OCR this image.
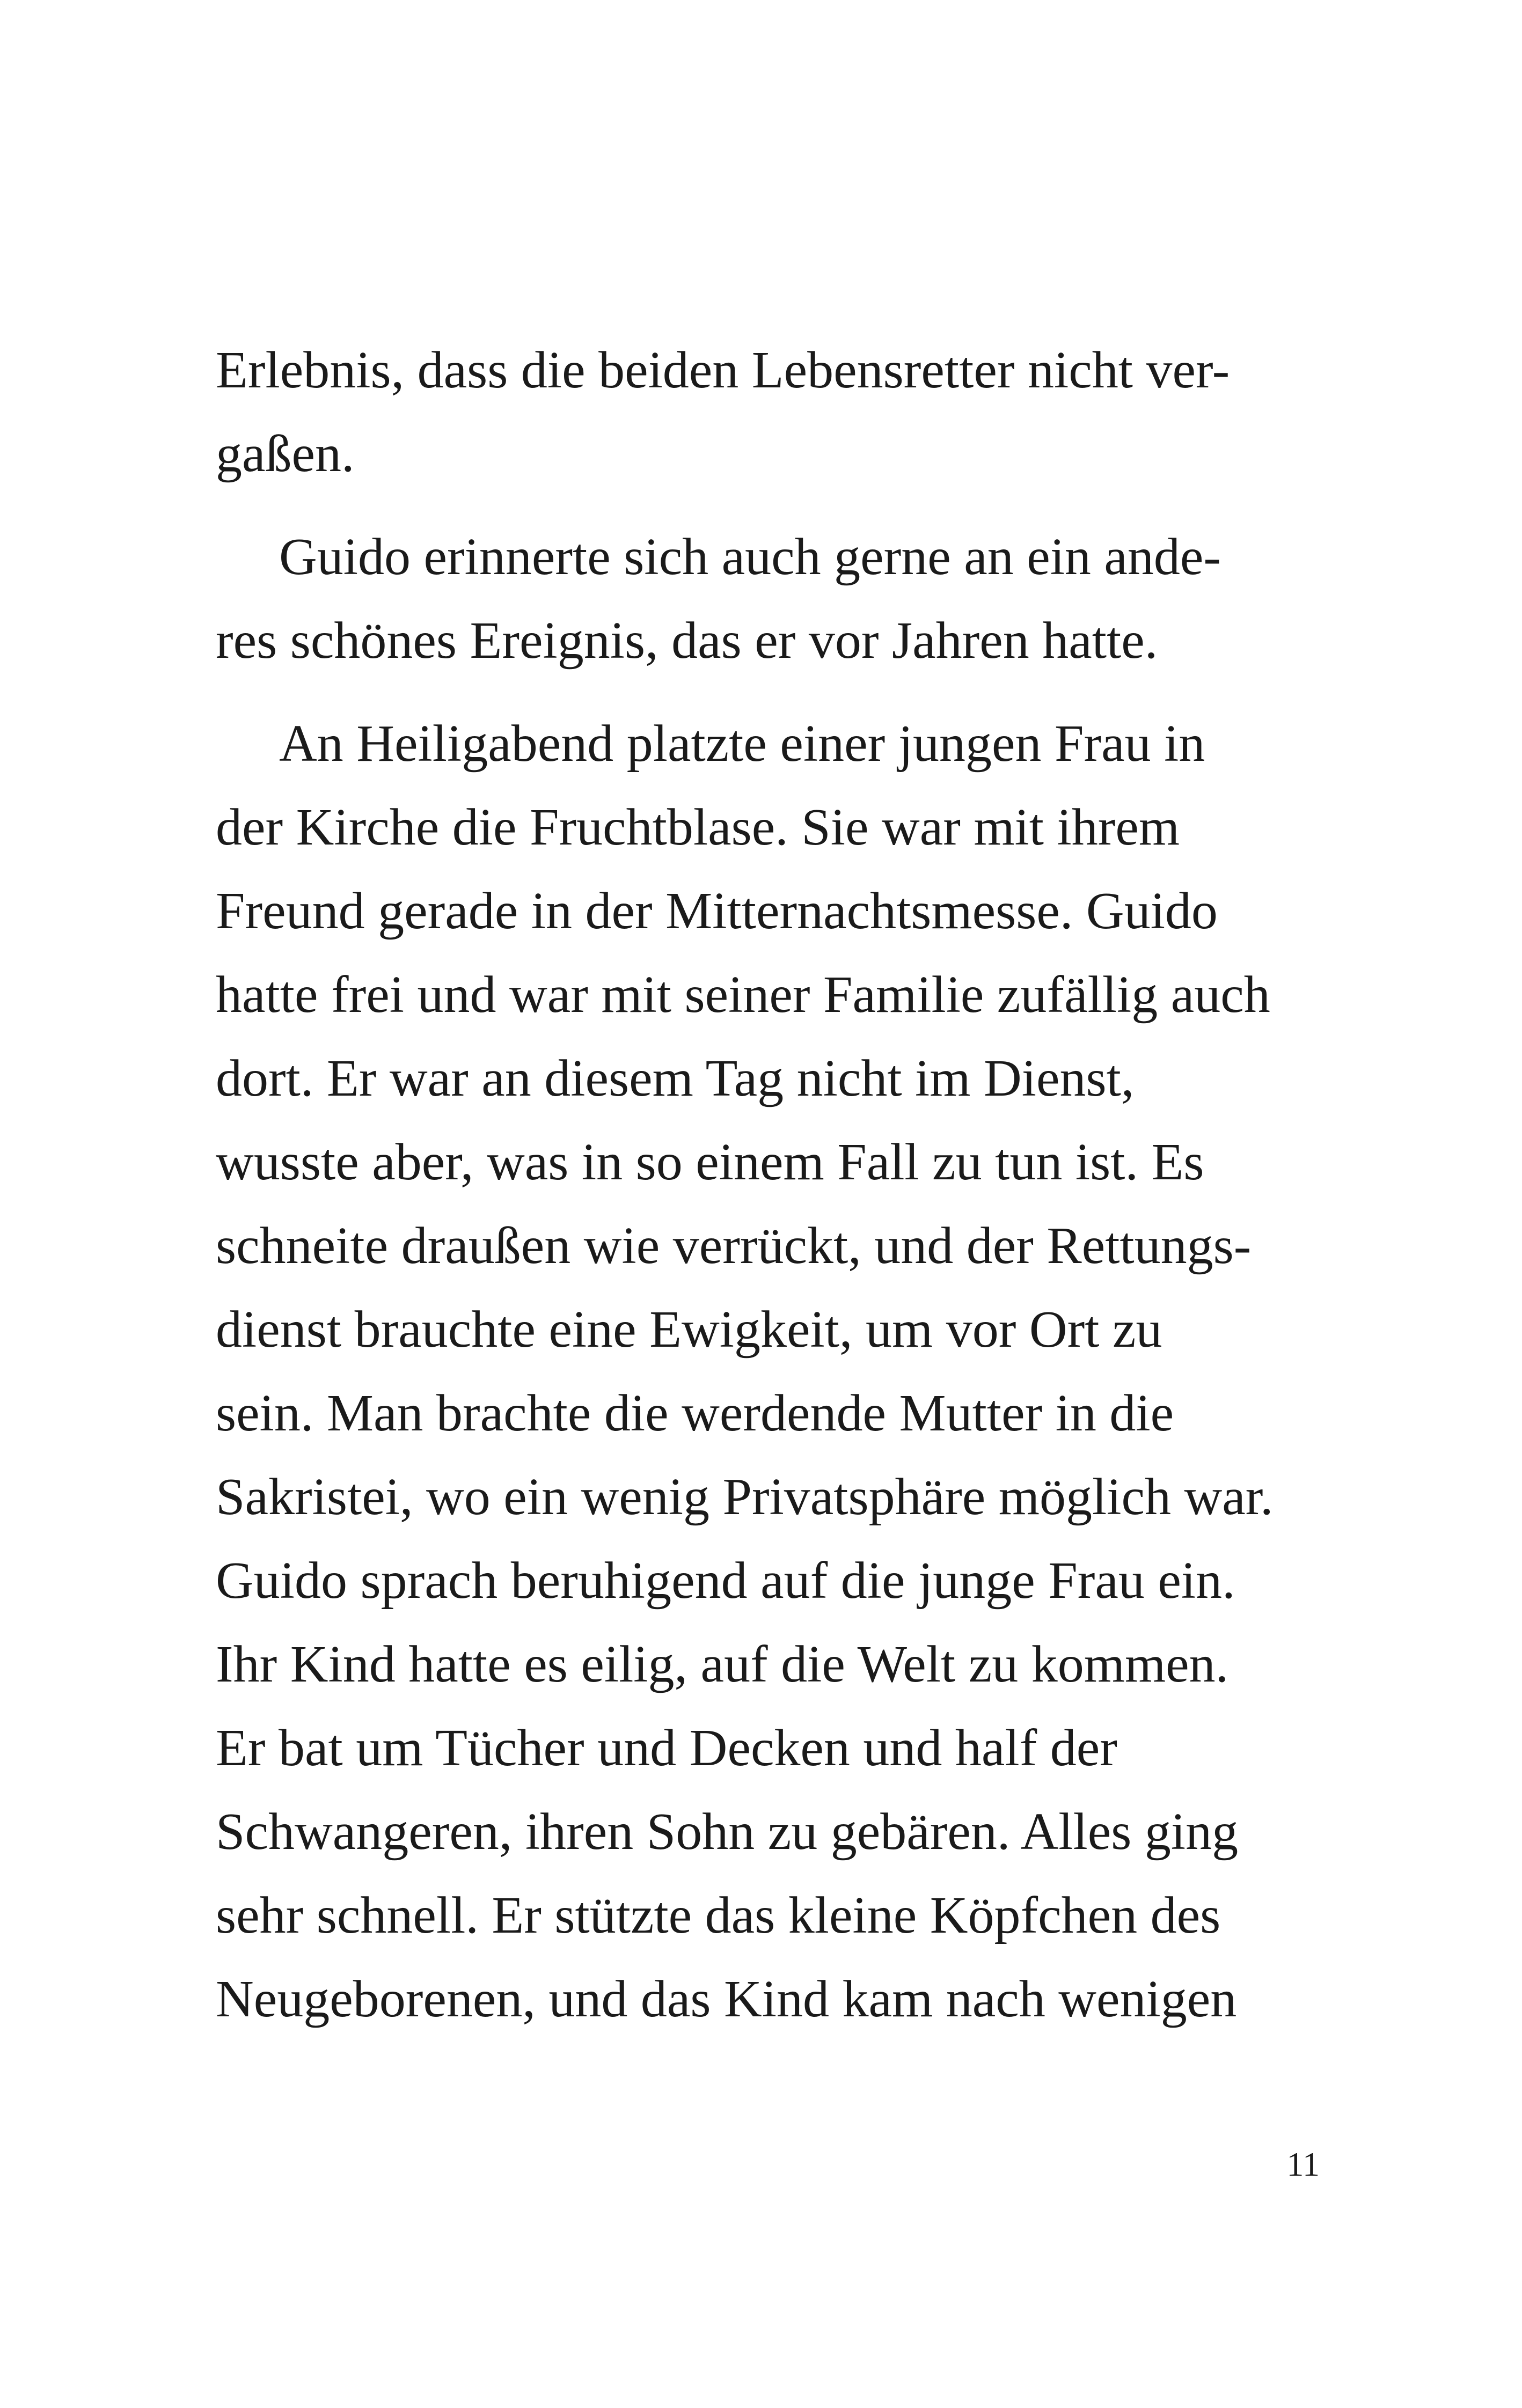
Erlebnis, dass die beiden Lebensretter nicht ver-
gaßen.
Guido erinnerte sich auch gerne an ein ande-
res schönes Ereignis, das er vor Jahren hatte.
An Heiligabend platzte einer jungen Frau in
der Kirche die Fruchtblase. Sie war mit ihrem
Freund gerade in der Mitternachtsmesse. Guido
hatte frei und war mit seiner Familie zufällig auch
dort. Er war an diesem Tag nicht im Dienst,
wusste aber, was in so einem Fall zu tun ist. Es
schneite draußen wie verrückt, und der Rettungs-
dienst brauchte eine Ewigkeit, um vor Ort zu
sein. Man brachte die werdende Mutter in die
Sakristei, wo ein wenig Privatsphäre möglich war.
Guido sprach beruhigend auf die junge Frau ein.
Ihr Kind hatte es eilig, auf die Welt zu kommen.
Er bat um Tücher und Decken und half der
Schwangeren, ihren Sohn zu gebären. Alles ging
sehr schnell. Er stützte das kleine Köpfchen des
Neugeborenen, und das Kind kam nach wenigen
11
